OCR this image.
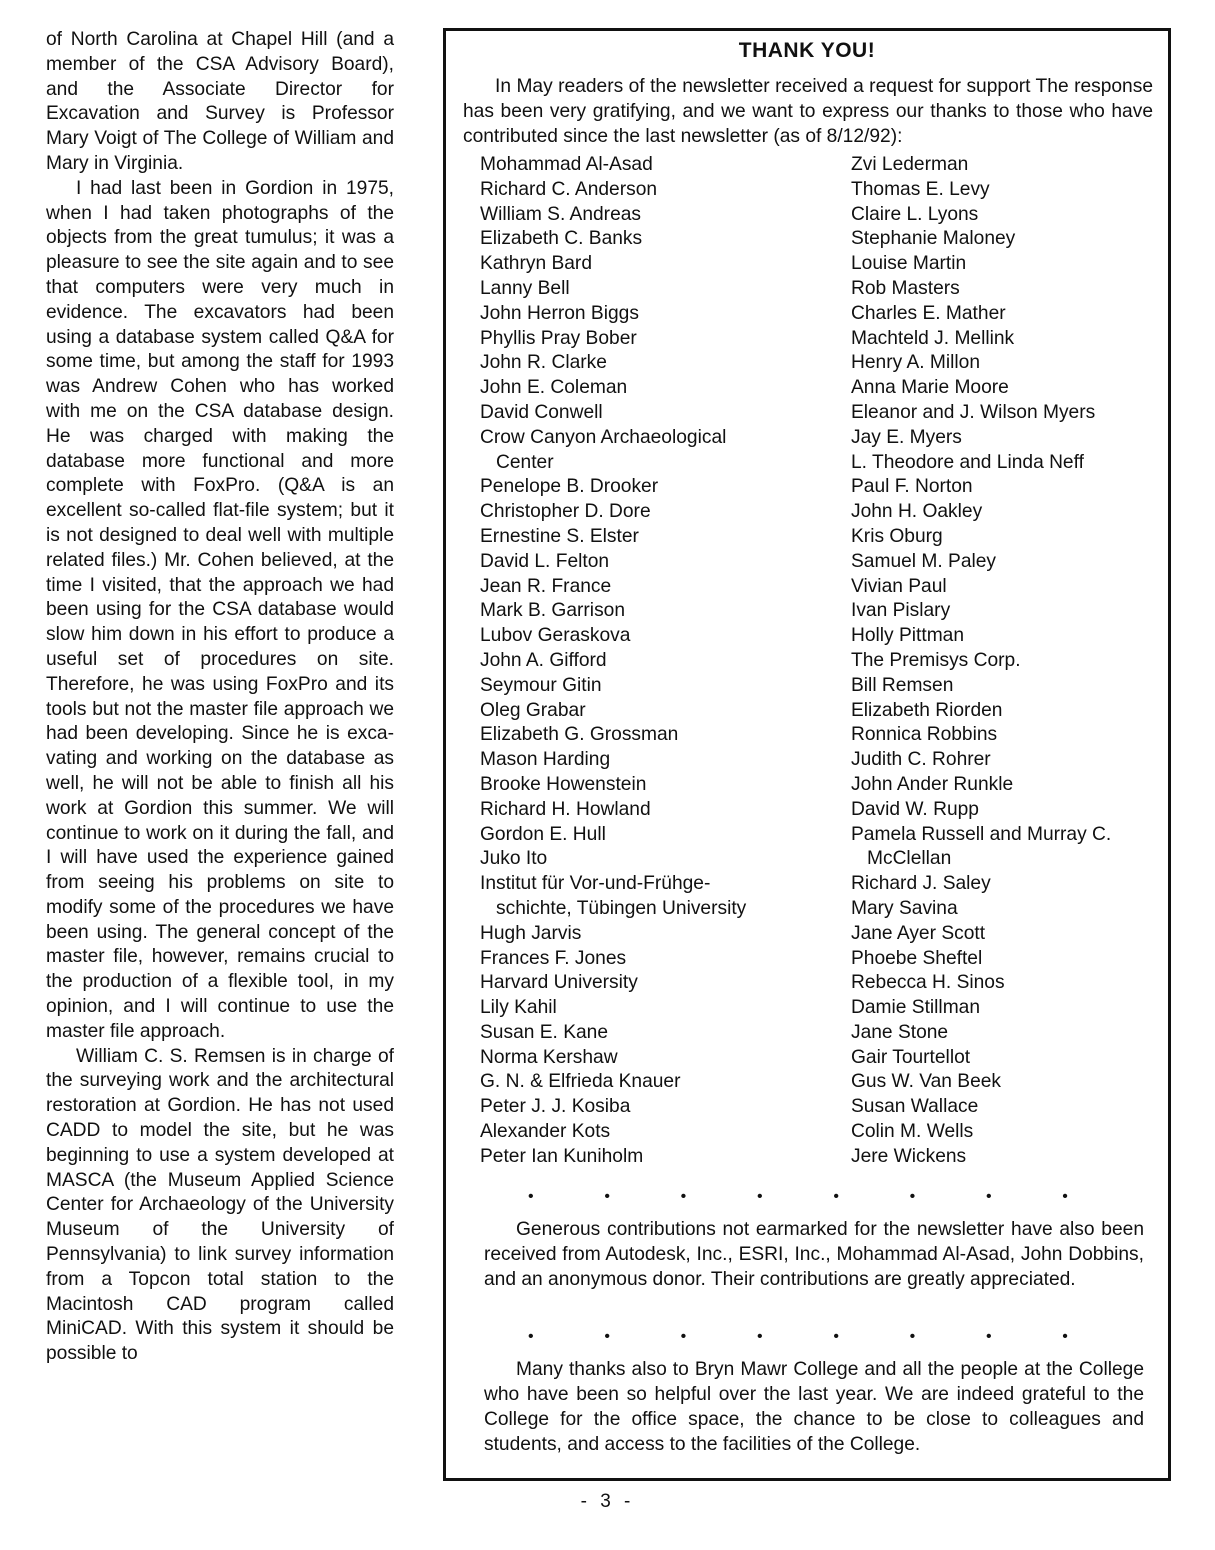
of North Carolina at Chapel Hill (and a member of the CSA Advisory Board), and the Associate Director for Excavation and Survey is Professor Mary Voigt of The College of William and Mary in Virginia.

I had last been in Gordion in 1975, when I had taken photographs of the objects from the great tumulus; it was a pleasure to see the site again and to see that computers were very much in evidence. The excavators had been using a database system called Q&A for some time, but among the staff for 1993 was Andrew Cohen who has worked with me on the CSA database design. He was charged with making the database more functional and more complete with FoxPro. (Q&A is an excellent so-called flat-file system; but it is not designed to deal well with multiple related files.) Mr. Cohen believed, at the time I visited, that the approach we had been using for the CSA database would slow him down in his effort to produce a useful set of procedures on site. Therefore, he was using FoxPro and its tools but not the master file approach we had been developing. Since he is exca-vating and working on the database as well, he will not be able to finish all his work at Gordion this summer. We will continue to work on it during the fall, and I will have used the experience gained from seeing his problems on site to modify some of the procedures we have been using. The general concept of the master file, however, remains crucial to the production of a flexible tool, in my opinion, and I will continue to use the master file approach.

William C. S. Remsen is in charge of the surveying work and the architectural restoration at Gordion. He has not used CADD to model the site, but he was beginning to use a system developed at MASCA (the Museum Applied Science Center for Archaeology of the University Museum of the University of Pennsylvania) to link survey information from a Topcon total station to the Macintosh CAD program called MiniCAD. With this system it should be possible to

THANK YOU!

In May readers of the newsletter received a request for support The response has been very gratifying, and we want to express our thanks to those who have contributed since the last newsletter (as of 8/12/92):

Mohammad Al-Asad
Richard C. Anderson
William S. Andreas
Elizabeth C. Banks
Kathryn Bard
Lanny Bell
John Herron Biggs
Phyllis Pray Bober
John R. Clarke
John E. Coleman
David Conwell
Crow Canyon Archaeological
Center
Penelope B. Drooker
Christopher D. Dore
Ernestine S. Elster
David L. Felton
Jean R. France
Mark B. Garrison
Lubov Geraskova
John A. Gifford
Seymour Gitin
Oleg Grabar
Elizabeth G. Grossman
Mason Harding
Brooke Howenstein
Richard H. Howland
Gordon E. Hull
Juko Ito
Institut für Vor-und-Frühge-
schichte, Tübingen University
Hugh Jarvis
Frances F. Jones
Harvard University
Lily Kahil
Susan E. Kane
Norma Kershaw
G. N. & Elfrieda Knauer
Peter J. J. Kosiba
Alexander Kots
Peter Ian Kuniholm
Zvi Lederman
Thomas E. Levy
Claire L. Lyons
Stephanie Maloney
Louise Martin
Rob Masters
Charles E. Mather
Machteld J. Mellink
Henry A. Millon
Anna Marie Moore
Eleanor and J. Wilson Myers
Jay E. Myers
L. Theodore and Linda Neff
Paul F. Norton
John H. Oakley
Kris Oburg
Samuel M. Paley
Vivian Paul
Ivan Pislary
Holly Pittman
The Premisys Corp.
Bill Remsen
Elizabeth Riorden
Ronnica Robbins
Judith C. Rohrer
John Ander Runkle
David W. Rupp
Pamela Russell and Murray C.
McClellan
Richard J. Saley
Mary Savina
Jane Ayer Scott
Phoebe Sheftel
Rebecca H. Sinos
Damie Stillman
Jane Stone
Gair Tourtellot
Gus W. Van Beek
Susan Wallace
Colin M. Wells
Jere Wickens
•	•	•	•	•	•	•	•

Generous contributions not earmarked for the newsletter have also been received from Autodesk, Inc., ESRI, Inc., Mohammad Al-Asad, John Dobbins, and an anonymous donor. Their contributions are greatly appreciated.

•	•	•	•	•	•	•	•

Many thanks also to Bryn Mawr College and all the people at the College who have been so helpful over the last year. We are indeed grateful to the College for the office space, the chance to be close to colleagues and students, and access to the facilities of the College.

- 3 -
